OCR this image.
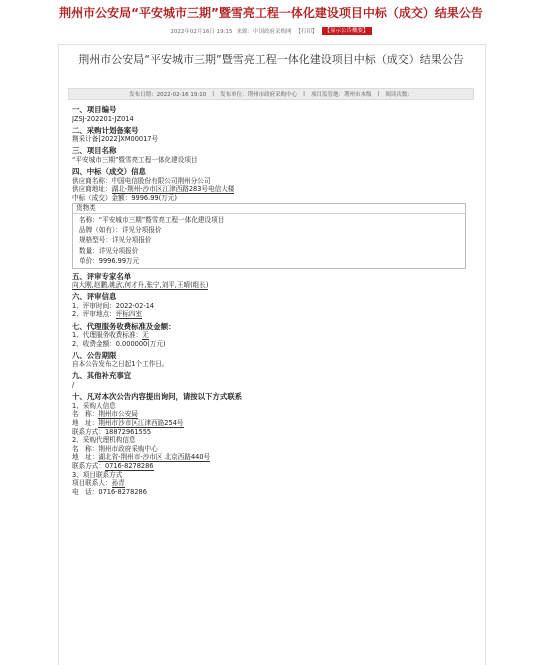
荆州市公安局“平安城市三期”暨雪亮工程一体化建设项目中标（成交）结果公告
2022年02月16日 19:15 来源：中国政府采购网 【打印】	【显示公告概要】
荆州市公安局“平安城市三期”暨雪亮工程一体化建设项目中标（成交）结果公告
发布日期：2022-02-16 19:10 | 发布单位：荆州市政府采购中心 | 项目监管地：荆州市本级 | 阅读次数：
一、项目编号
JZSJ-202201-JZ014
二、采购计划备案号
荆采计备[2022]XM00017号
三、项目名称
“平安城市三期”暨雪亮工程一体化建设项目
四、中标（成交）信息
供应商名称：中国电信股份有限公司荆州分公司
供应商地址：湖北-荆州-沙市区江津西路283号电信大楼
中标（成交）金额：9996.99(万元)
货物类
名称：“平安城市三期”暨雪亮工程一体化建设项目
品牌（如有）：详见分项报价
规格型号：详见分项报价
数量：详见分项报价
单价：9996.99万元
五、评审专家名单
向大刚,赵鹏,姚武,何才升,张宁,刘平,王晴(组长)
六、评审信息
1、评审时间：2022-02-14
2、评审地点：评标四室
七、代理服务收费标准及金额：
1、代理服务收费标准：无
2、收费金额：0.000000(万元)
八、公告期限
自本公告发布之日起1个工作日。
九、其他补充事宜
/
十、凡对本次公告内容提出询问，请按以下方式联系
1、采购人信息
名　称：荆州市公安局
地　址：荆州市沙市区江津西路254号
联系方式：18872961555
2、采购代理机构信息
名　称：荆州市政府采购中心
地　址：湖北省-荆州市-沙市区 北京西路440号
联系方式：0716-8278286
3、项目联系方式
项目联系人：孙青
电　话：0716-8278286
